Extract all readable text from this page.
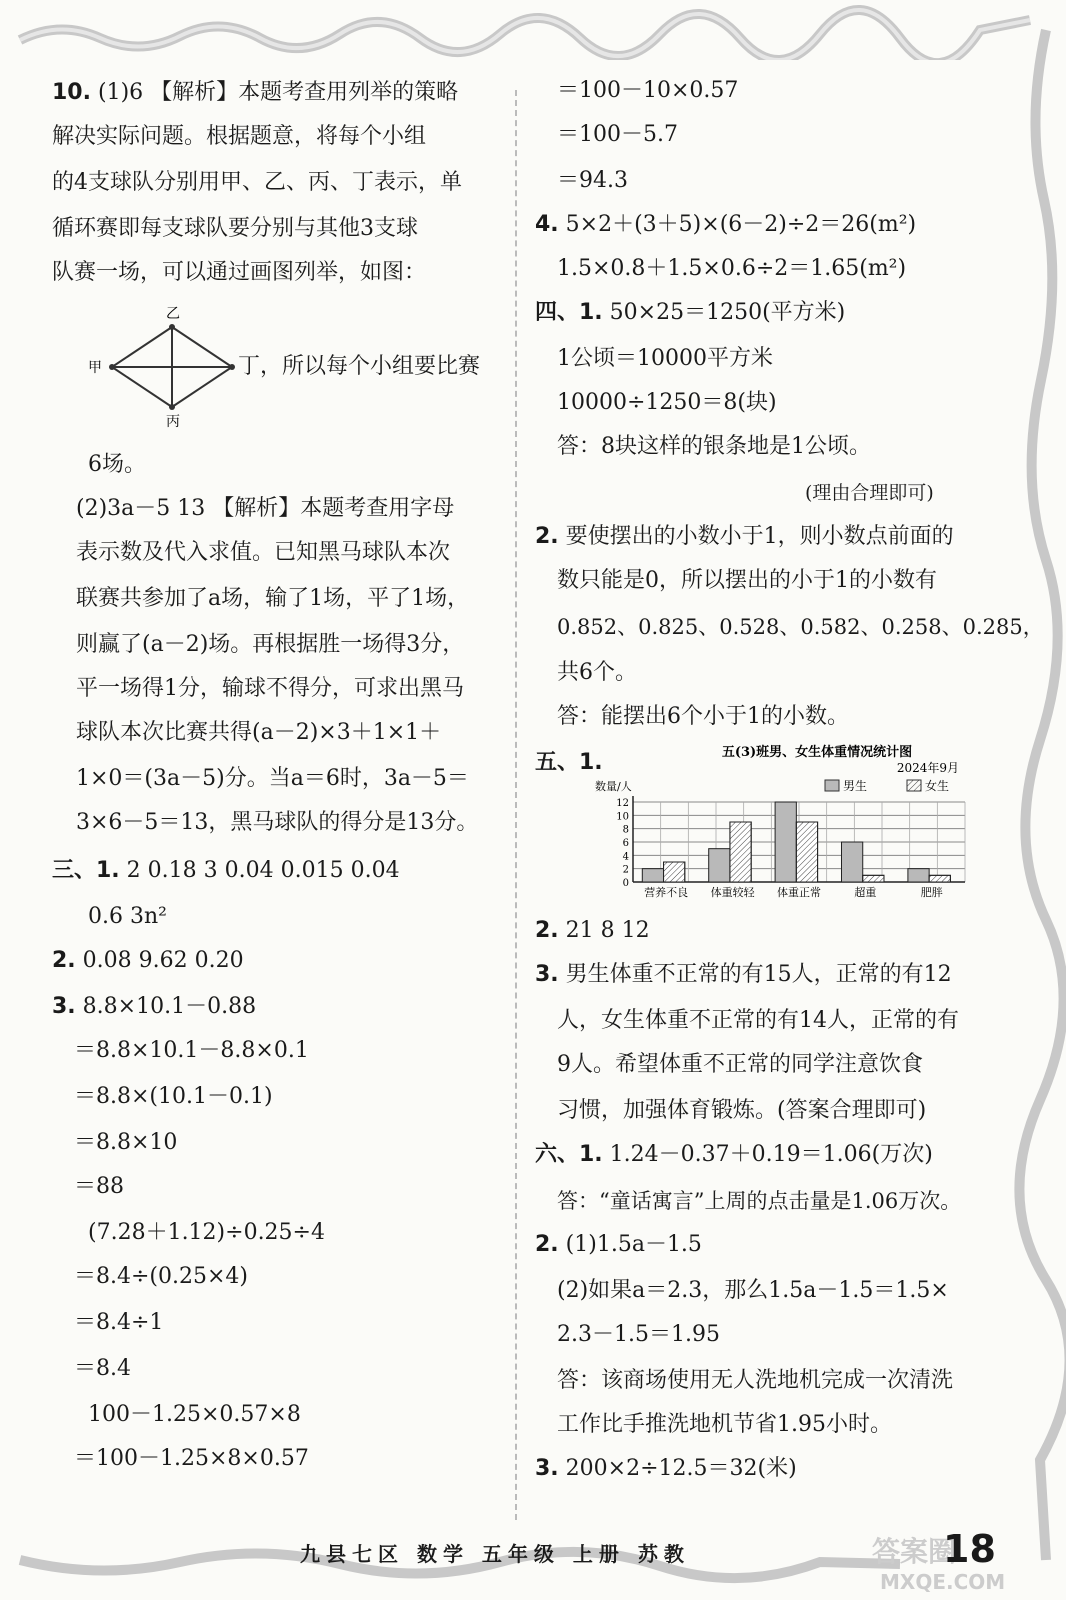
10. (1)6 【解析】本题考查用列举的策略
解决实际问题。根据题意，将每个小组
的4支球队分别用甲、乙、丙、丁表示，单
循环赛即每支球队要分别与其他3支球
队赛一场，可以通过画图列举，如图：
乙
甲
丙
丁，所以每个小组要比赛
6场。
(2)3a－5 13 【解析】本题考查用字母
表示数及代入求值。已知黑马球队本次
联赛共参加了a场，输了1场，平了1场，
则赢了(a－2)场。再根据胜一场得3分，
平一场得1分，输球不得分，可求出黑马
球队本次比赛共得(a－2)×3＋1×1＋
1×0＝(3a－5)分。当a＝6时，3a－5＝
3×6－5＝13，黑马球队的得分是13分。
三、1. 2 0.18 3 0.04 0.015 0.04
0.6 3n²
2. 0.08 9.62 0.20
3. 8.8×10.1－0.88
＝8.8×10.1－8.8×0.1
＝8.8×(10.1－0.1)
＝8.8×10
＝88
(7.28＋1.12)÷0.25÷4
＝8.4÷(0.25×4)
＝8.4÷1
＝8.4
100－1.25×0.57×8
＝100－1.25×8×0.57
＝100－10×0.57
＝100－5.7
＝94.3
4. 5×2＋(3＋5)×(6－2)÷2＝26(m²)
1.5×0.8＋1.5×0.6÷2＝1.65(m²)
四、1. 50×25＝1250(平方米)
1公顷＝10000平方米
10000÷1250＝8(块)
答：8块这样的银条地是1公顷。
(理由合理即可)
2. 要使摆出的小数小于1，则小数点前面的
数只能是0，所以摆出的小于1的小数有
0.852、0.825、0.528、0.582、0.258、0.285，
共6个。
答：能摆出6个小于1的小数。
五、1.	五(3)班男、女生体重情况统计图
2024年9月
数量/人	男生	女生
0
2
4
6
8
10
12
营养不良 体重较轻 体重正常	超重	肥胖
2. 21 8 12
3. 男生体重不正常的有15人，正常的有12
人，女生体重不正常的有14人，正常的有
9人。希望体重不正常的同学注意饮食
习惯，加强体育锻炼。(答案合理即可)
六、1. 1.24－0.37＋0.19＝1.06(万次)
答：“童话寓言”上周的点击量是1.06万次。
2. (1)1.5a－1.5
(2)如果a＝2.3，那么1.5a－1.5＝1.5×
2.3－1.5＝1.95
答：该商场使用无人洗地机完成一次清洗
工作比手推洗地机节省1.95小时。
3. 200×2÷12.5＝32(米)
九县七区 数学 五年级 上册 苏教	答案圈
MXQE.COM
18
